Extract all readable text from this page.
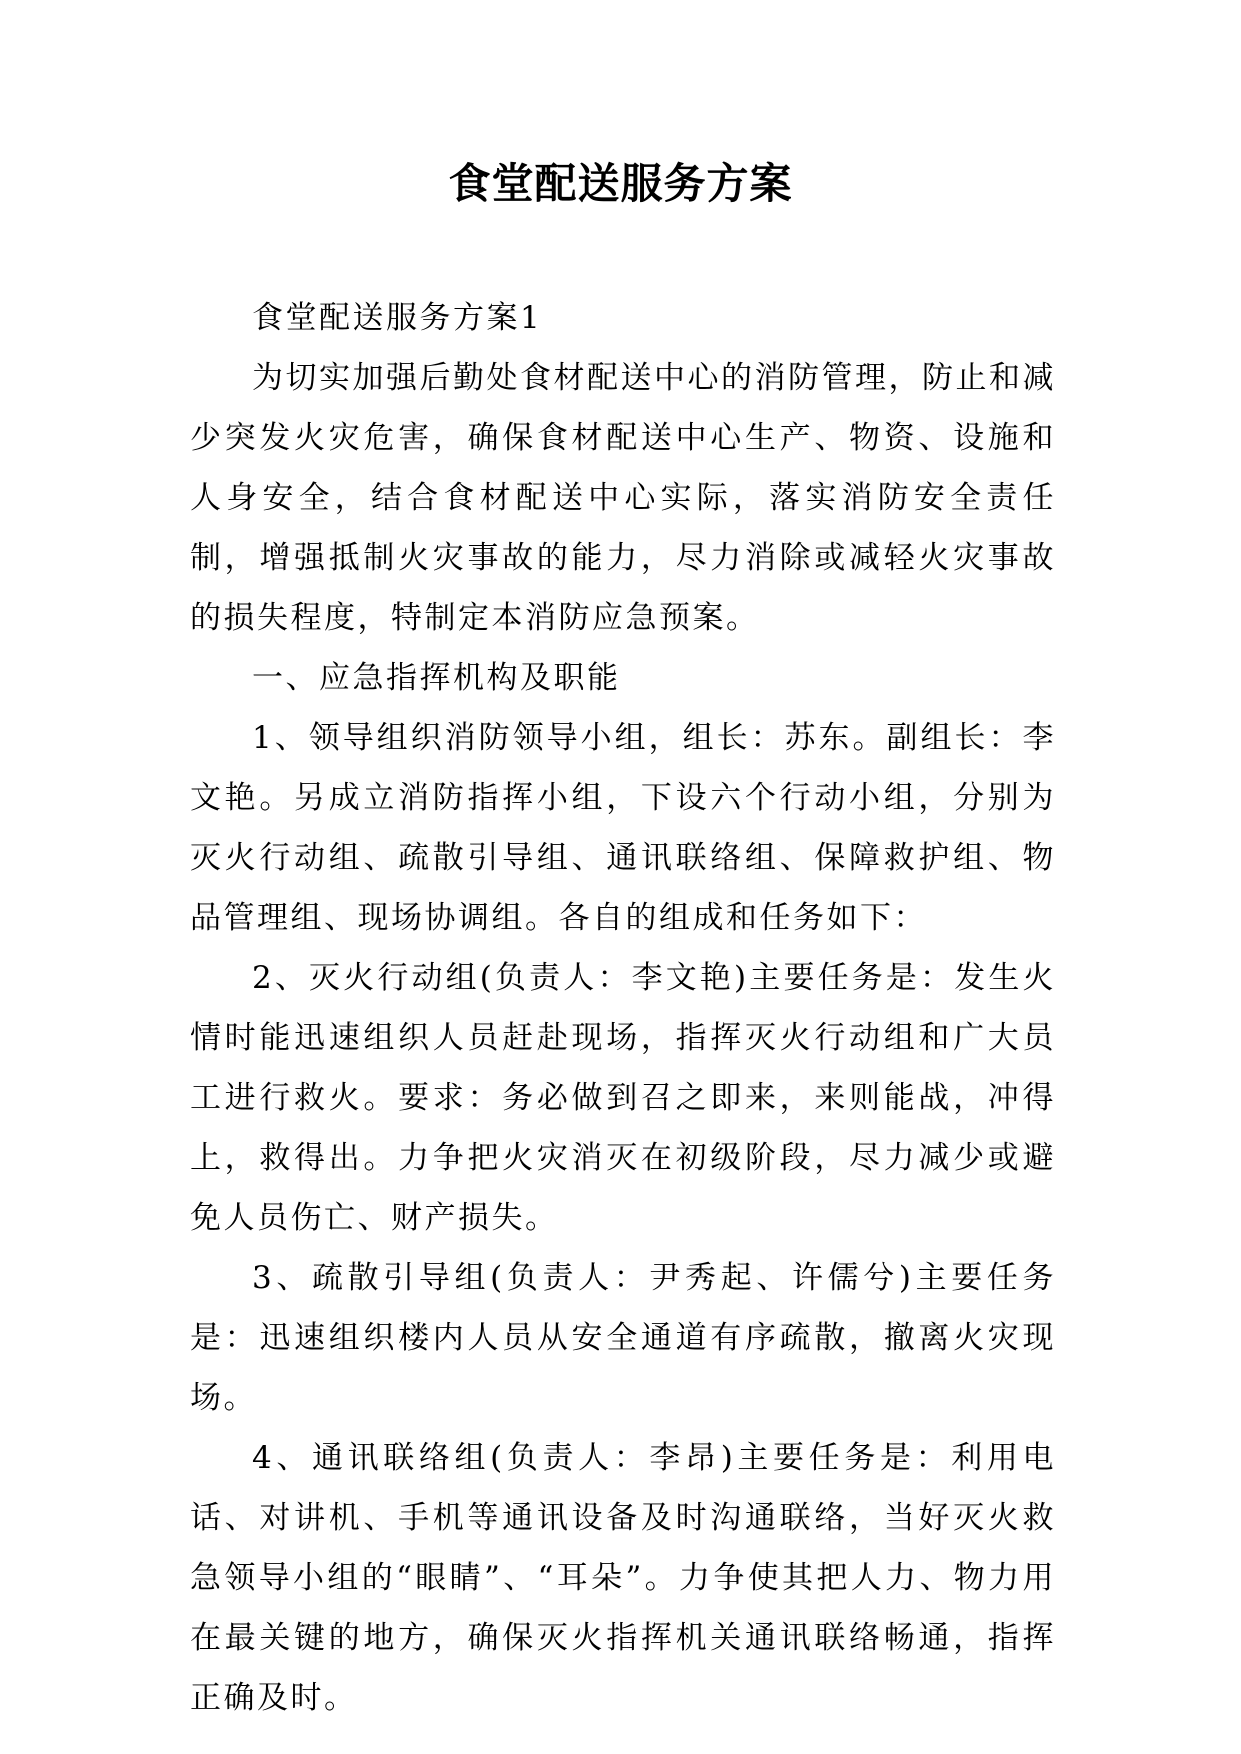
食堂配送服务方案

食堂配送服务方案1

为切实加强后勤处食材配送中心的消防管理，防止和减少突发火灾危害，确保食材配送中心生产、物资、设施和人身安全，结合食材配送中心实际，落实消防安全责任制，增强抵制火灾事故的能力，尽力消除或减轻火灾事故的损失程度，特制定本消防应急预案。

一、应急指挥机构及职能

1、领导组织消防领导小组，组长：苏东。副组长：李文艳。另成立消防指挥小组，下设六个行动小组，分别为灭火行动组、疏散引导组、通讯联络组、保障救护组、物品管理组、现场协调组。各自的组成和任务如下：

2、灭火行动组(负责人：李文艳)主要任务是：发生火情时能迅速组织人员赶赴现场，指挥灭火行动组和广大员工进行救火。要求：务必做到召之即来，来则能战，冲得上，救得出。力争把火灾消灭在初级阶段，尽力减少或避免人员伤亡、财产损失。

3、疏散引导组(负责人：尹秀起、许儒兮)主要任务是：迅速组织楼内人员从安全通道有序疏散，撤离火灾现场。

4、通讯联络组(负责人：李昂)主要任务是：利用电话、对讲机、手机等通讯设备及时沟通联络，当好灭火救急领导小组的“眼睛”、“耳朵”。力争使其把人力、物力用在最关键的地方，确保灭火指挥机关通讯联络畅通，指挥正确及时。
